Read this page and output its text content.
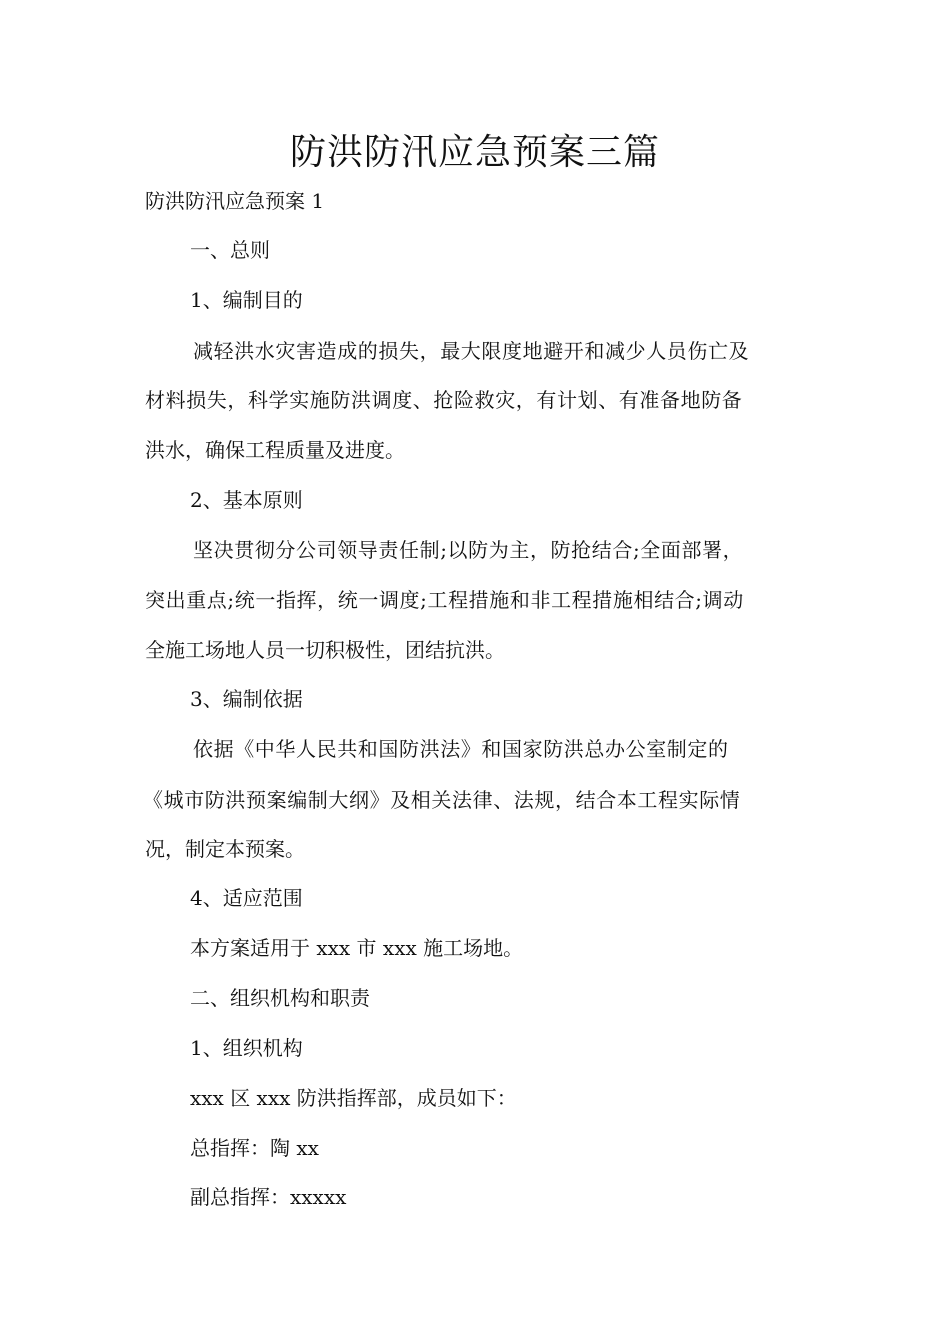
防洪防汛应急预案三篇

防洪防汛应急预案 1

一、总则

1、编制目的

减轻洪水灾害造成的损失，最大限度地避开和减少人员伤亡及

材料损失，科学实施防洪调度、抢险救灾，有计划、有准备地防备

洪水，确保工程质量及进度。

2、基本原则

坚决贯彻分公司领导责任制;以防为主，防抢结合;全面部署，

突出重点;统一指挥，统一调度;工程措施和非工程措施相结合;调动

全施工场地人员一切积极性，团结抗洪。

3、编制依据

依据《中华人民共和国防洪法》和国家防洪总办公室制定的

《城市防洪预案编制大纲》及相关法律、法规，结合本工程实际情

况，制定本预案。

4、适应范围

本方案适用于 xxx 市 xxx 施工场地。

二、组织机构和职责

1、组织机构

xxx 区 xxx 防洪指挥部，成员如下：

总指挥：陶 xx

副总指挥：xxxxx
